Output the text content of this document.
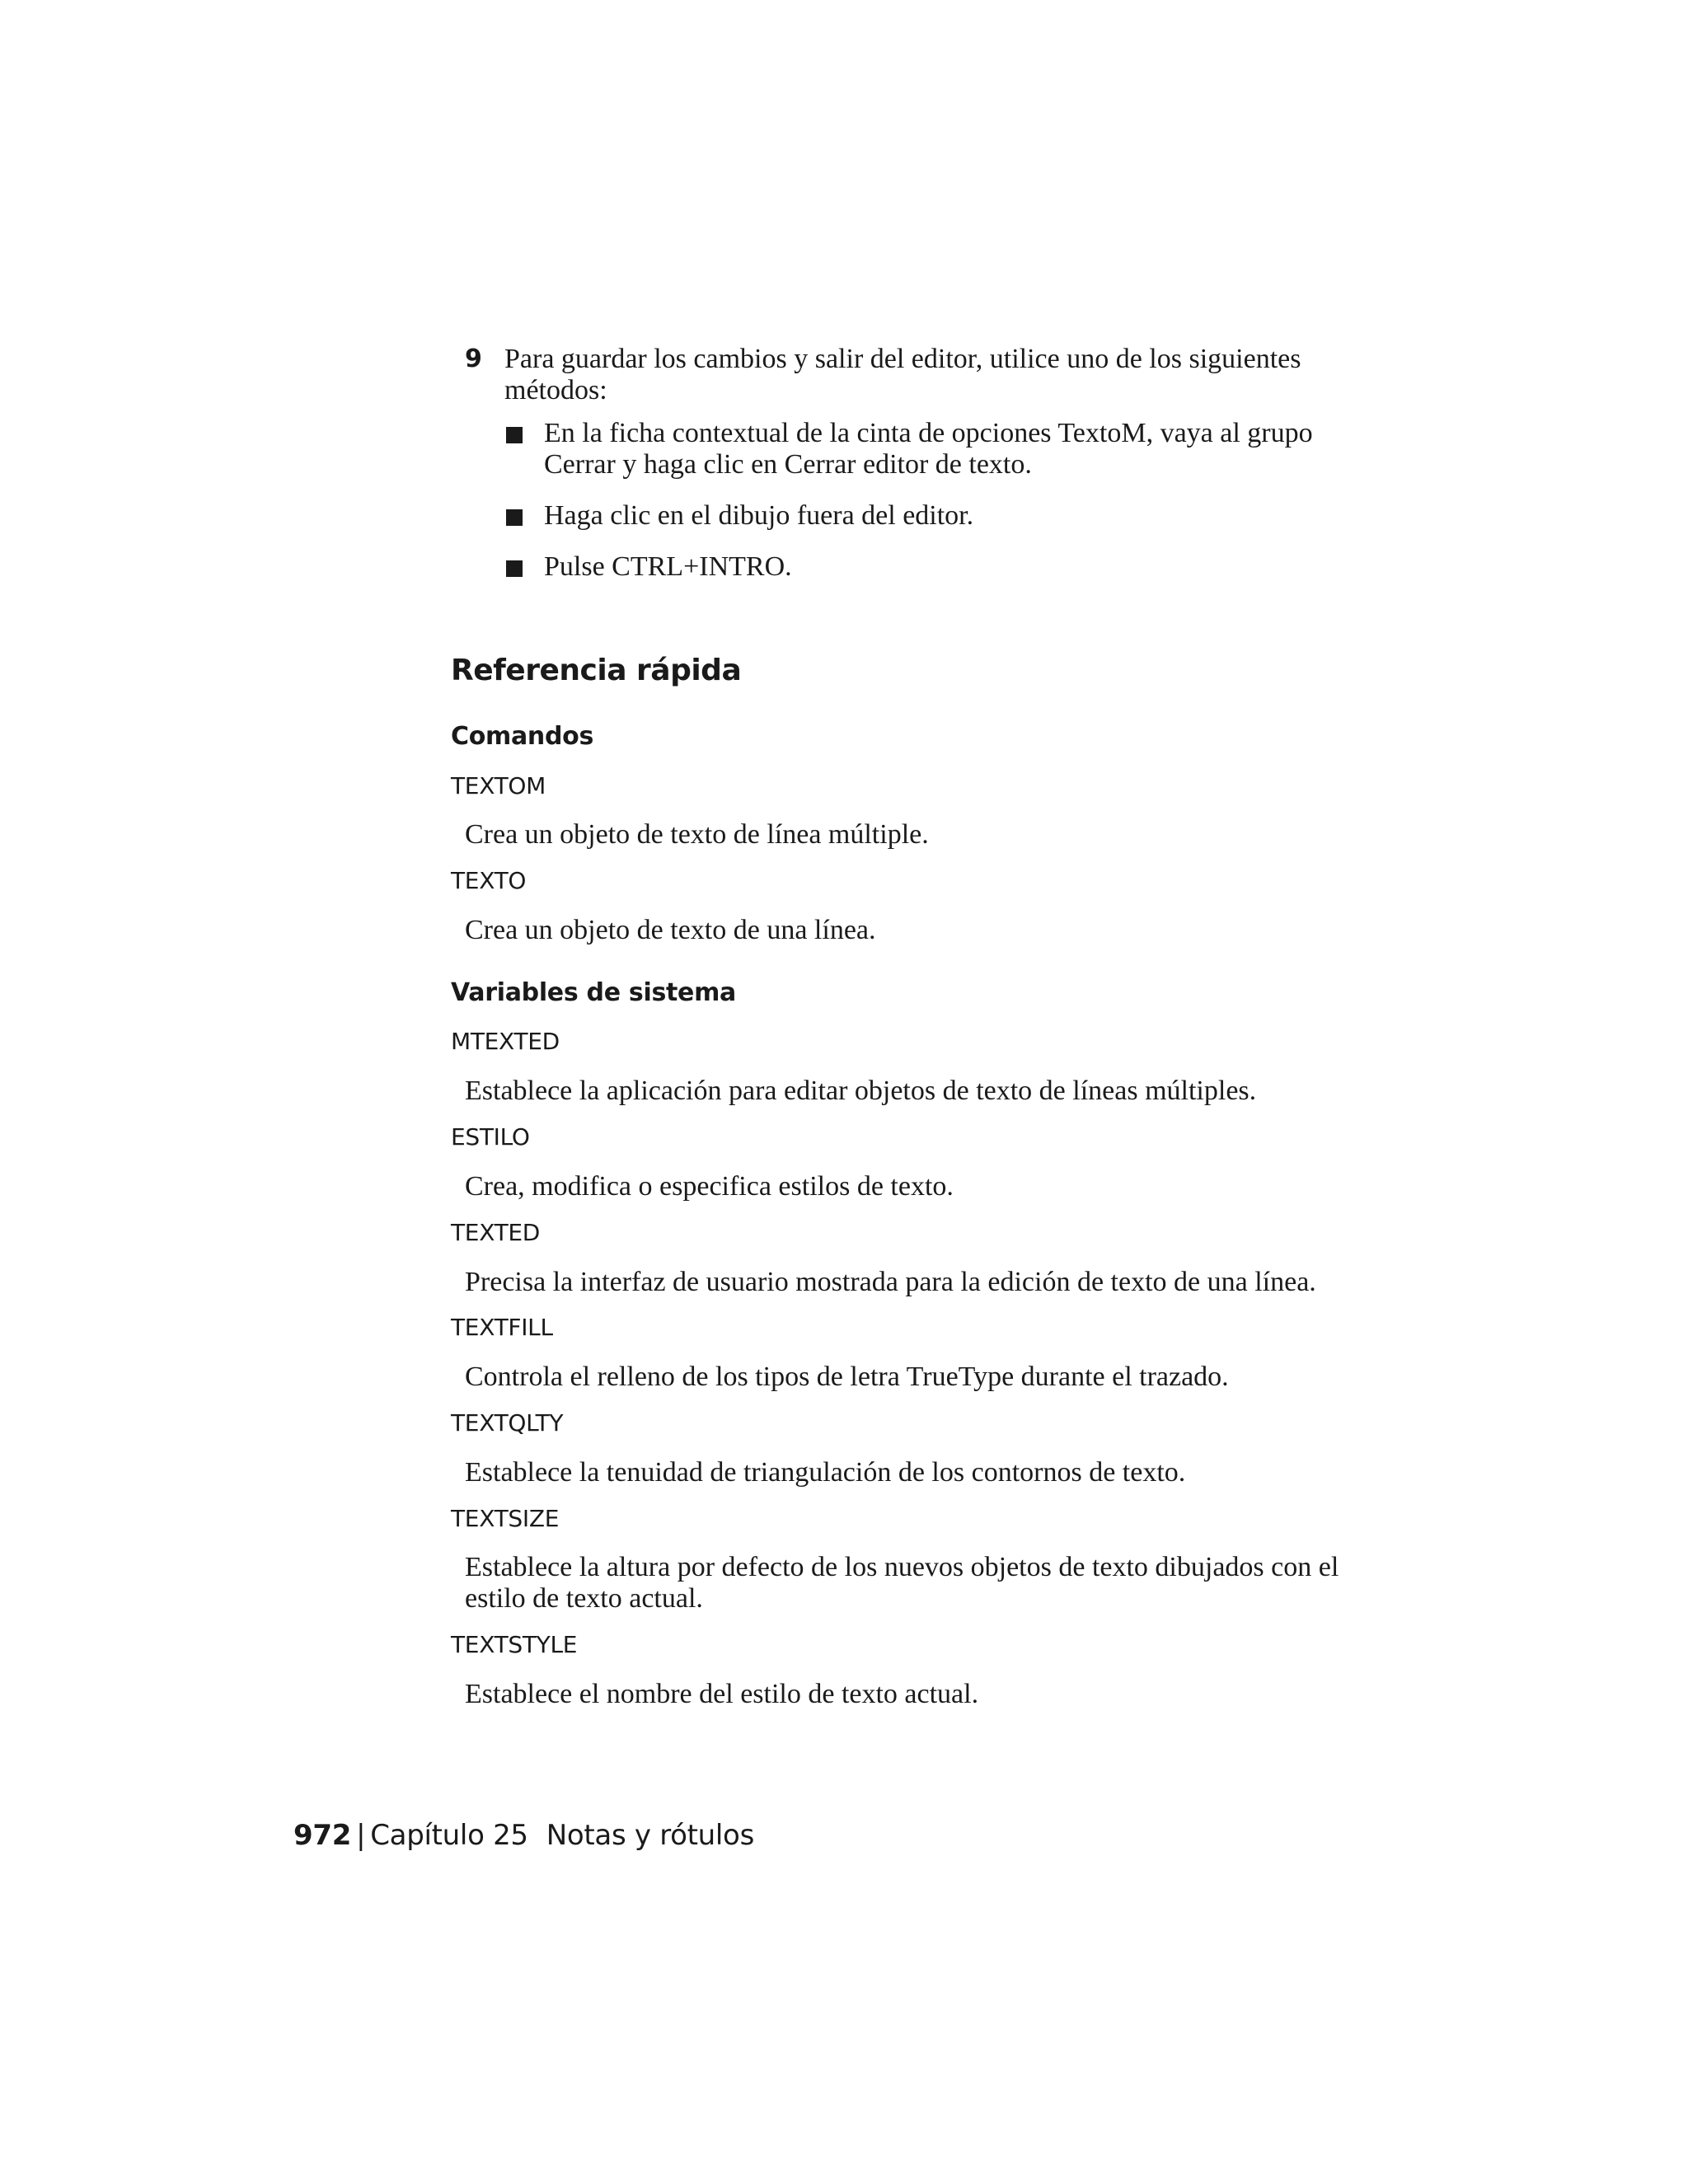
9 Para guardar los cambios y salir del editor, utilice uno de los siguientes métodos:
En la ficha contextual de la cinta de opciones TextoM, vaya al grupo Cerrar y haga clic en Cerrar editor de texto.
Haga clic en el dibujo fuera del editor.
Pulse CTRL+INTRO.
Referencia rápida
Comandos
TEXTOM
Crea un objeto de texto de línea múltiple.
TEXTO
Crea un objeto de texto de una línea.
Variables de sistema
MTEXTED
Establece la aplicación para editar objetos de texto de líneas múltiples.
ESTILO
Crea, modifica o especifica estilos de texto.
TEXTED
Precisa la interfaz de usuario mostrada para la edición de texto de una línea.
TEXTFILL
Controla el relleno de los tipos de letra TrueType durante el trazado.
TEXTQLTY
Establece la tenuidad de triangulación de los contornos de texto.
TEXTSIZE
Establece la altura por defecto de los nuevos objetos de texto dibujados con el estilo de texto actual.
TEXTSTYLE
Establece el nombre del estilo de texto actual.
972 | Capítulo 25 Notas y rótulos
